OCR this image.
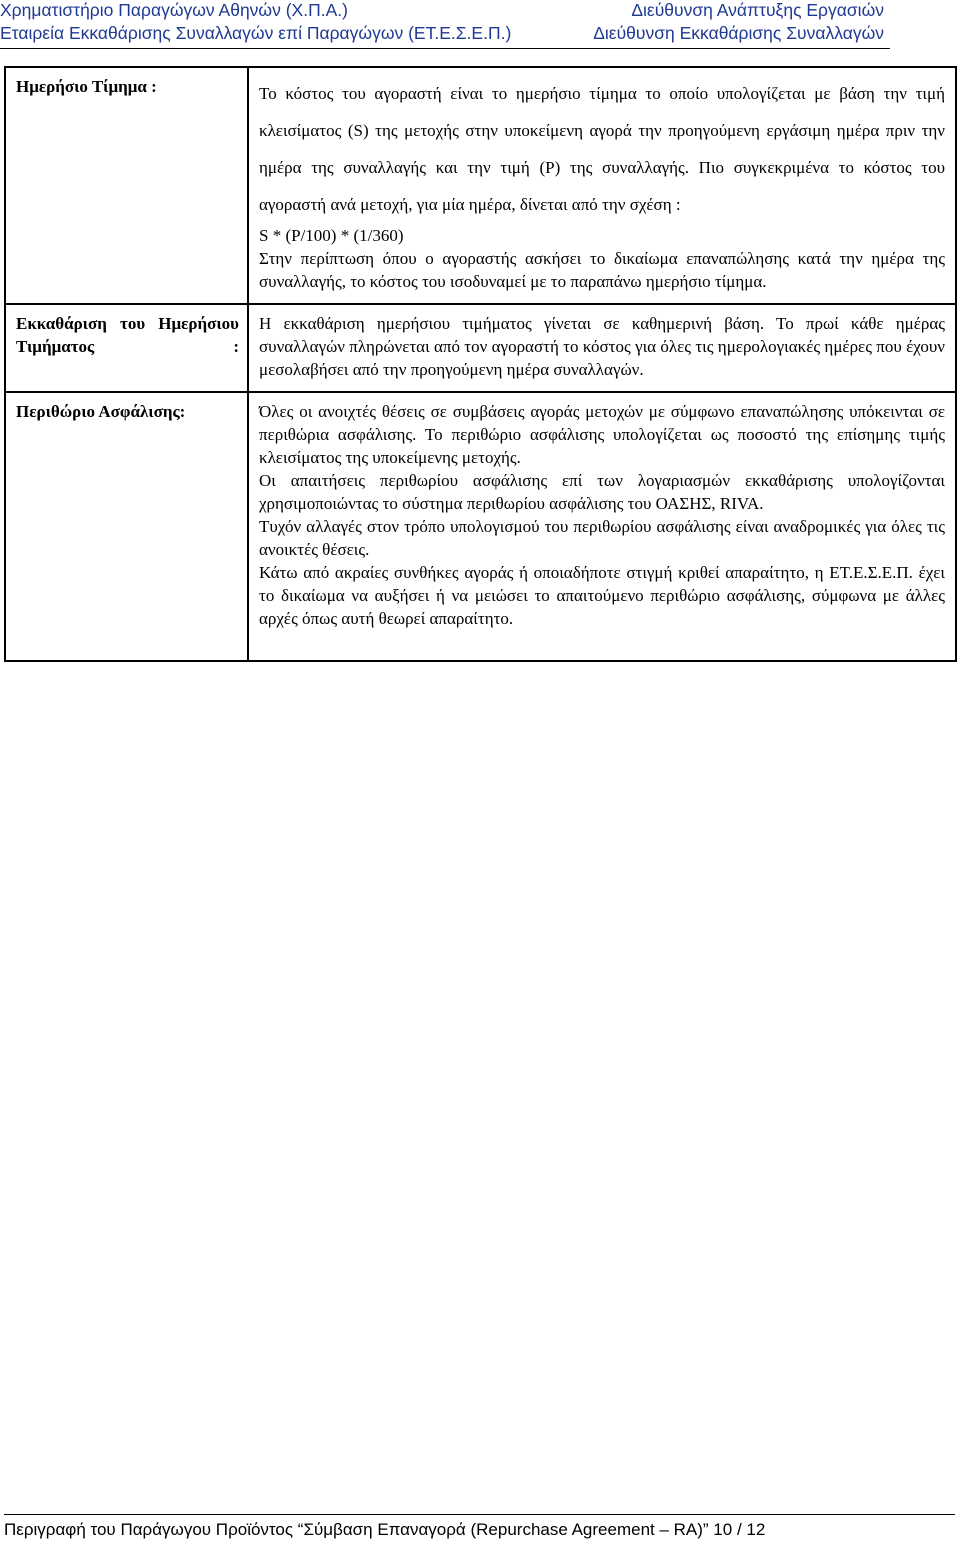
Χρηματιστήριο Παραγώγων Αθηνών (Χ.Π.Α.)	Διεύθυνση Ανάπτυξης Εργασιών
Εταιρεία Εκκαθάρισης Συναλλαγών επί Παραγώγων (ΕΤ.Ε.Σ.Ε.Π.)	Διεύθυνση Εκκαθάρισης Συναλλαγών
Ημερήσιο Τίμημα :	Το κόστος του αγοραστή είναι το ημερήσιο τίμημα το οποίο υπολογίζεται με βάση την τιμή κλεισίματος (S) της μετοχής στην υποκείμενη αγορά την προηγούμενη εργάσιμη ημέρα πριν την ημέρα της συναλλαγής και την τιμή (P) της συναλλαγής. Πιο συγκεκριμένα το κόστος του αγοραστή ανά μετοχή, για μία ημέρα, δίνεται από την σχέση :

S * (P/100) * (1/360)

Στην περίπτωση όπου ο αγοραστής ασκήσει το δικαίωμα επαναπώλησης κατά την ημέρα της συναλλαγής, το κόστος του ισοδυναμεί με το παραπάνω ημερήσιο τίμημα.

Εκκαθάριση του Ημερήσιου Τιμήματος :	Η εκκαθάριση ημερήσιου τιμήματος γίνεται σε καθημερινή βάση. Το πρωί κάθε ημέρας συναλλαγών πληρώνεται από τον αγοραστή το κόστος για όλες τις ημερολογιακές ημέρες που έχουν μεσολαβήσει από την προηγούμενη ημέρα συναλλαγών.

Περιθώριο Ασφάλισης:	Όλες οι ανοιχτές θέσεις σε συμβάσεις αγοράς μετοχών με σύμφωνο επαναπώλησης υπόκεινται σε περιθώρια ασφάλισης. Το περιθώριο ασφάλισης υπολογίζεται ως ποσοστό της επίσημης τιμής κλεισίματος της υποκείμενης μετοχής.

Οι απαιτήσεις περιθωρίου ασφάλισης επί των λογαριασμών εκκαθάρισης υπολογίζονται χρησιμοποιώντας το σύστημα περιθωρίου ασφάλισης του ΟΑΣΗΣ, RIVA.

Τυχόν αλλαγές στον τρόπο υπολογισμού του περιθωρίου ασφάλισης είναι αναδρομικές για όλες τις ανοικτές θέσεις.

Κάτω από ακραίες συνθήκες αγοράς ή οποιαδήποτε στιγμή κριθεί απαραίτητο, η ΕΤ.Ε.Σ.Ε.Π. έχει το δικαίωμα να αυξήσει ή να μειώσει το απαιτούμενο περιθώριο ασφάλισης, σύμφωνα με άλλες αρχές όπως αυτή θεωρεί απαραίτητο.

Περιγραφή του Παράγωγου Προϊόντος “Σύμβαση Επαναγορά (Repurchase Agreement – RA)” 10 / 12
